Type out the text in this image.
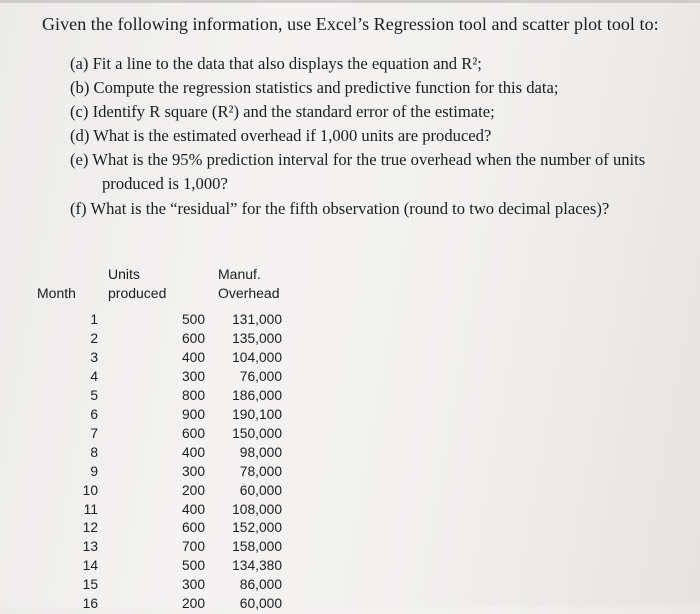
Given the following information, use Excel’s Regression tool and scatter plot tool to:
(a) Fit a line to the data that also displays the equation and R²;
(b) Compute the regression statistics and predictive function for this data;
(c) Identify R square (R²) and the standard error of the estimate;
(d) What is the estimated overhead if 1,000 units are produced?
(e) What is the 95% prediction interval for the true overhead when the number of units
produced is 1,000?
(f) What is the “residual” for the fifth observation (round to two decimal places)?
Units
produced
Month
Manuf.
Overhead
1
2
3
4
5
6
7
8
9
10
11
12
13
14
15
16
500
600
400
300
800
900
600
400
300
200
400
600
700
500
300
200
131,000
135,000
104,000
76,000
186,000
190,100
150,000
98,000
78,000
60,000
108,000
152,000
158,000
134,380
86,000
60,000
